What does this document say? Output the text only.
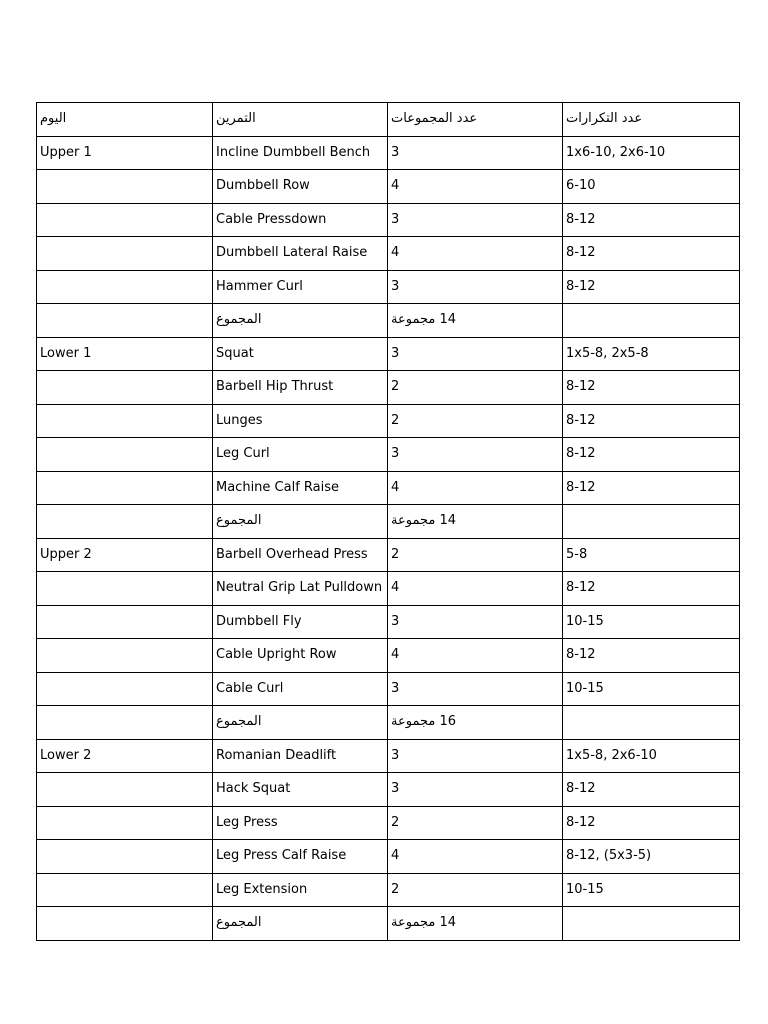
اليوم	التمرين	عدد المجموعات	عدد التكرارات
Upper 1	Incline Dumbbell Bench	3	1x6-10, 2x6-10
	Dumbbell Row	4	6-10
	Cable Pressdown	3	8-12
	Dumbbell Lateral Raise	4	8-12
	Hammer Curl	3	8-12
	المجموع	14 مجموعة	
Lower 1	Squat	3	1x5-8, 2x5-8
	Barbell Hip Thrust	2	8-12
	Lunges	2	8-12
	Leg Curl	3	8-12
	Machine Calf Raise	4	8-12
	المجموع	14 مجموعة	
Upper 2	Barbell Overhead Press	2	5-8
	Neutral Grip Lat Pulldown	4	8-12
	Dumbbell Fly	3	10-15
	Cable Upright Row	4	8-12
	Cable Curl	3	10-15
	المجموع	16 مجموعة	
Lower 2	Romanian Deadlift	3	1x5-8, 2x6-10
	Hack Squat	3	8-12
	Leg Press	2	8-12
	Leg Press Calf Raise	4	8-12, (5x3-5)
	Leg Extension	2	10-15
	المجموع	14 مجموعة	
